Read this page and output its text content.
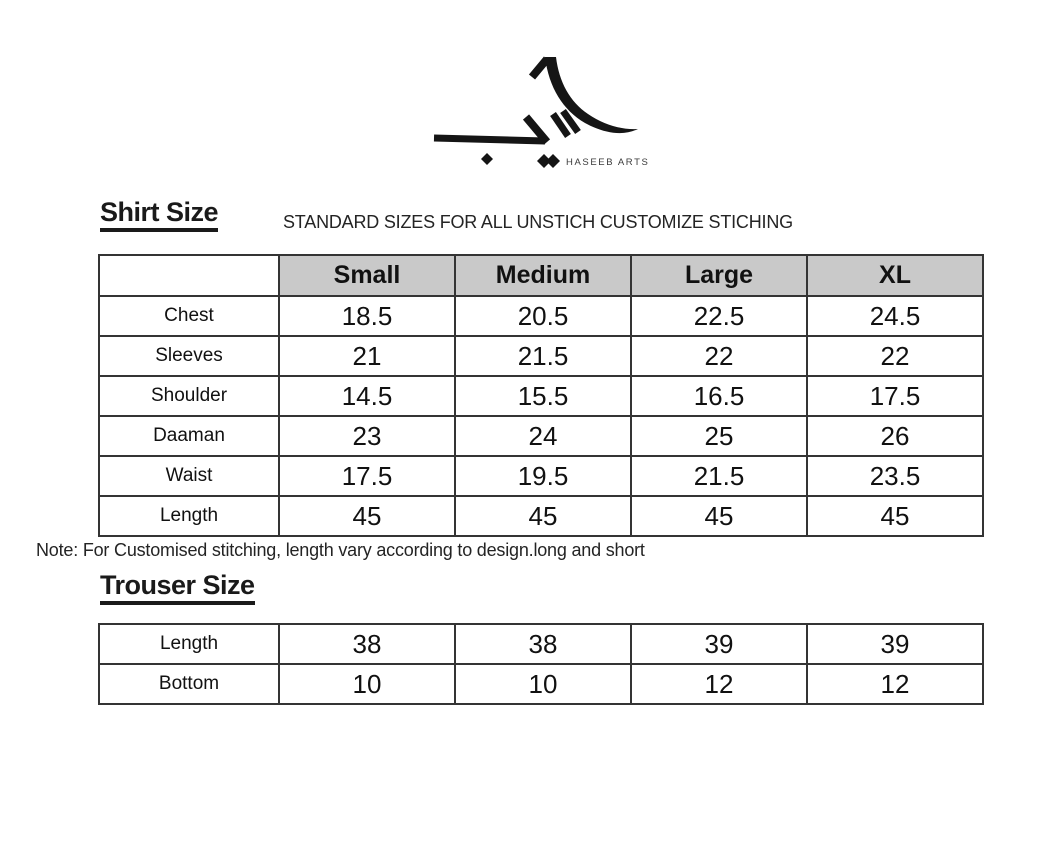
HASEEB ARTS
Shirt Size	STANDARD SIZES FOR ALL UNSTICH CUSTOMIZE STICHING
	Small	Medium	Large	XL
Chest	18.5	20.5	22.5	24.5
Sleeves	21	21.5	22	22
Shoulder	14.5	15.5	16.5	17.5
Daaman	23	24	25	26
Waist	17.5	19.5	21.5	23.5
Length	45	45	45	45
Note: For Customised stitching, length vary according to design.long and short
Trouser Size
Length	38	38	39	39
Bottom	10	10	12	12
